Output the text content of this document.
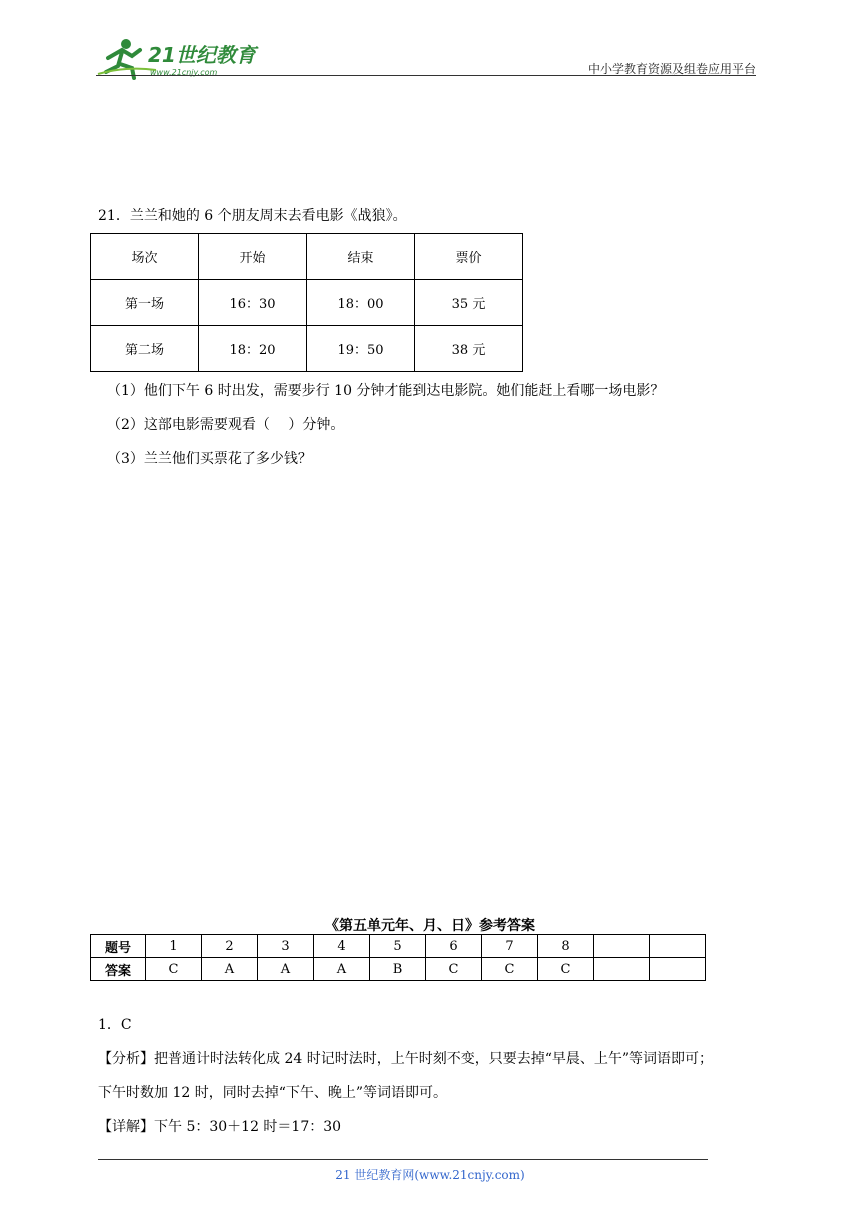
21世纪教育
www.21cnjy.com	中小学教育资源及组卷应用平台
21．兰兰和她的 6 个朋友周末去看电影《战狼》。
场次	开始	结束	票价
第一场	16：30	18：00	35 元
第二场	18：20	19：50	38 元
（1）他们下午 6 时出发，需要步行 10 分钟才能到达电影院。她们能赶上看哪一场电影？
（2）这部电影需要观看（　 ）分钟。
（3）兰兰他们买票花了多少钱？
《第五单元年、月、日》参考答案
题号	1	2	3	4	5	6	7	8		
答案	C	A	A	A	B	C	C	C		
1．C
【分析】把普通计时法转化成 24 时记时法时，上午时刻不变，只要去掉“早晨、上午”等词语即可；
下午时数加 12 时，同时去掉“下午、晚上”等词语即可。
【详解】下午 5：30＋12 时＝17：30
21 世纪教育网(www.21cnjy.com)
